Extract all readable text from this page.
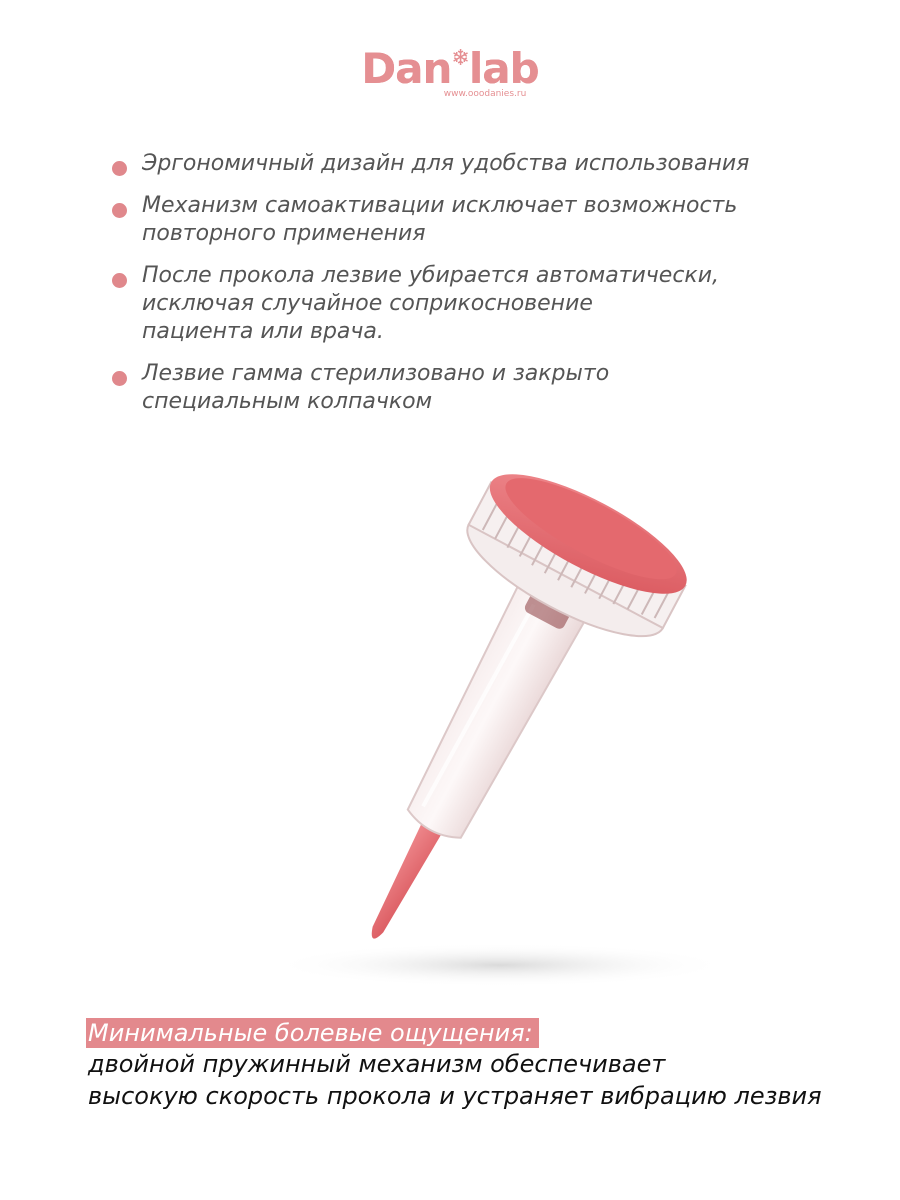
Dan❄lab
www.ooodanies.ru
Эргономичный дизайн для удобства использования
Механизм самоактивации исключает возможность
повторного применения
После прокола лезвие убирается автоматически,
исключая случайное соприкосновение
пациента или врача.
Лезвие гамма стерилизовано и закрыто
специальным колпачком
Минимальные болевые ощущения:
двойной пружинный механизм обеспечивает
высокую скорость прокола и устраняет вибрацию лезвия
